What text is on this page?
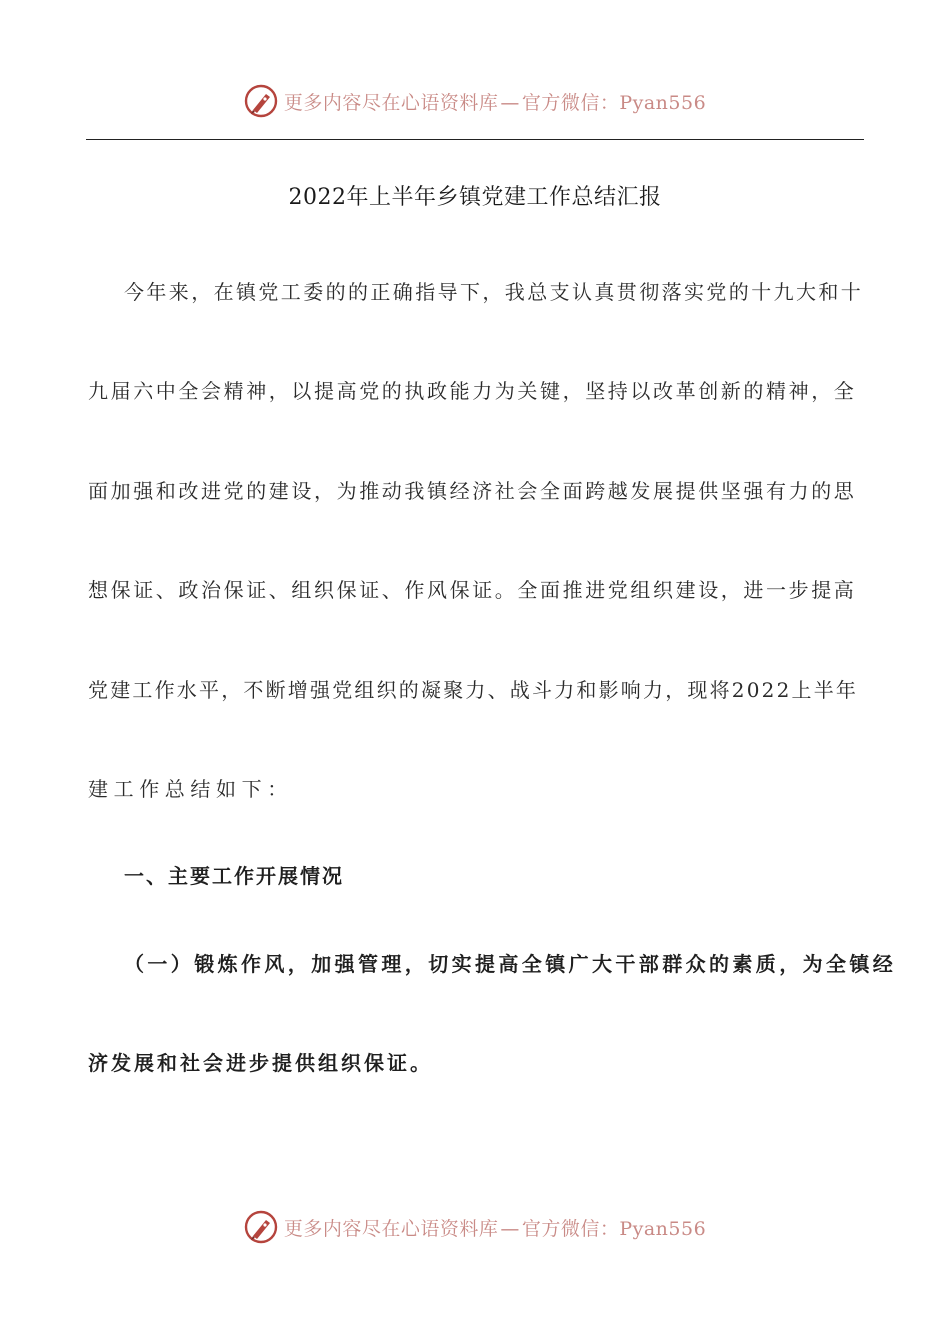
更多内容尽在心语资料库 — 官方微信：Pyan556
2022年上半年乡镇党建工作总结汇报
今年来，在镇党工委的的正确指导下，我总支认真贯彻落实党的十九大和十
九届六中全会精神，以提高党的执政能力为关键，坚持以改革创新的精神，全
面加强和改进党的建设，为推动我镇经济社会全面跨越发展提供坚强有力的思
想保证、政治保证、组织保证、作风保证。全面推进党组织建设，进一步提高
党建工作水平，不断增强党组织的凝聚力、战斗力和影响力，现将2022上半年
建工作总结如下：
一、主要工作开展情况
（一）锻炼作风，加强管理，切实提高全镇广大干部群众的素质，为全镇经
济发展和社会进步提供组织保证。
更多内容尽在心语资料库 — 官方微信：Pyan556
